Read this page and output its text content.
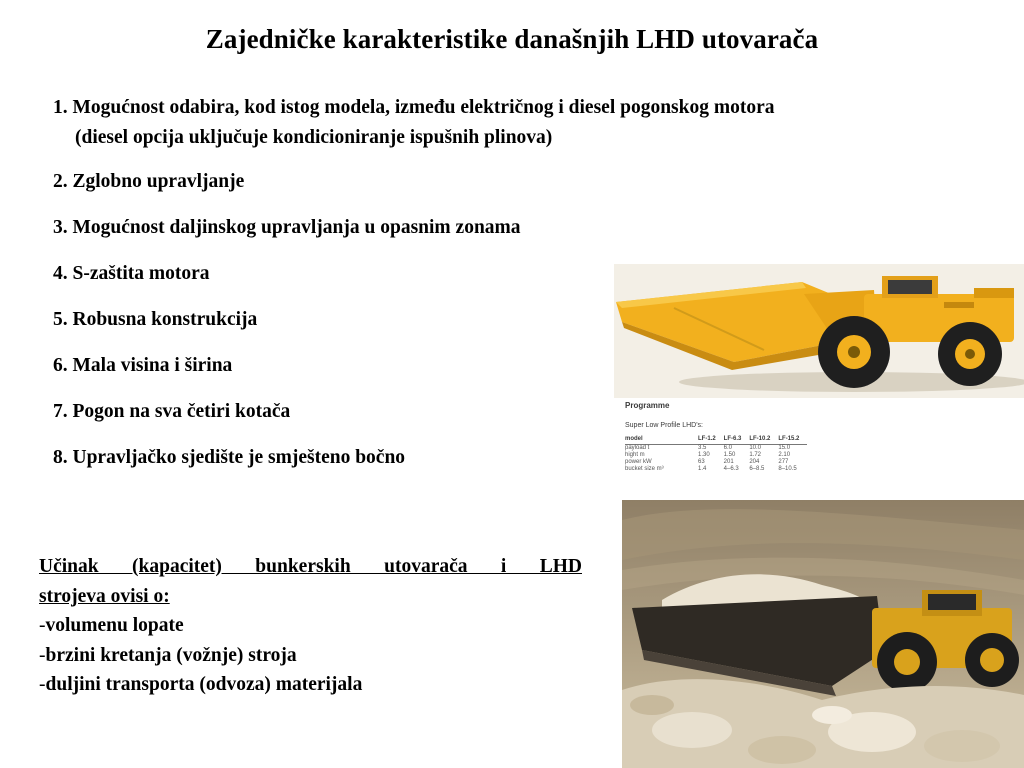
Zajedničke karakteristike današnjih LHD utovarača
1. Mogućnost odabira, kod istog modela, između električnog i diesel pogonskog motora
(diesel opcija uključuje kondicioniranje ispušnih plinova)
2. Zglobno upravljanje
3. Mogućnost daljinskog upravljanja u opasnim zonama
4. S-zaštita motora
5. Robusna konstrukcija
6. Mala visina i širina
7. Pogon na sva četiri kotača
8. Upravljačko sjedište je smješteno bočno
Učinak (kapacitet) bunkerskih utovarača i LHD
strojeva ovisi o:
-volumenu lopate
-brzini kretanja (vožnje) stroja
-duljini transporta (odvoza) materijala
Programme
Super Low Profile LHD's:
model	LF-1.2	LF-6.3	LF-10.2	LF-15.2
payload t	3.5	6.0	10.0	15.0
hight m	1.30	1.50	1.72	2.10
power kW	63	201	204	277
bucket size m³	1.4	4–6.3	6–8.5	8–10.5
